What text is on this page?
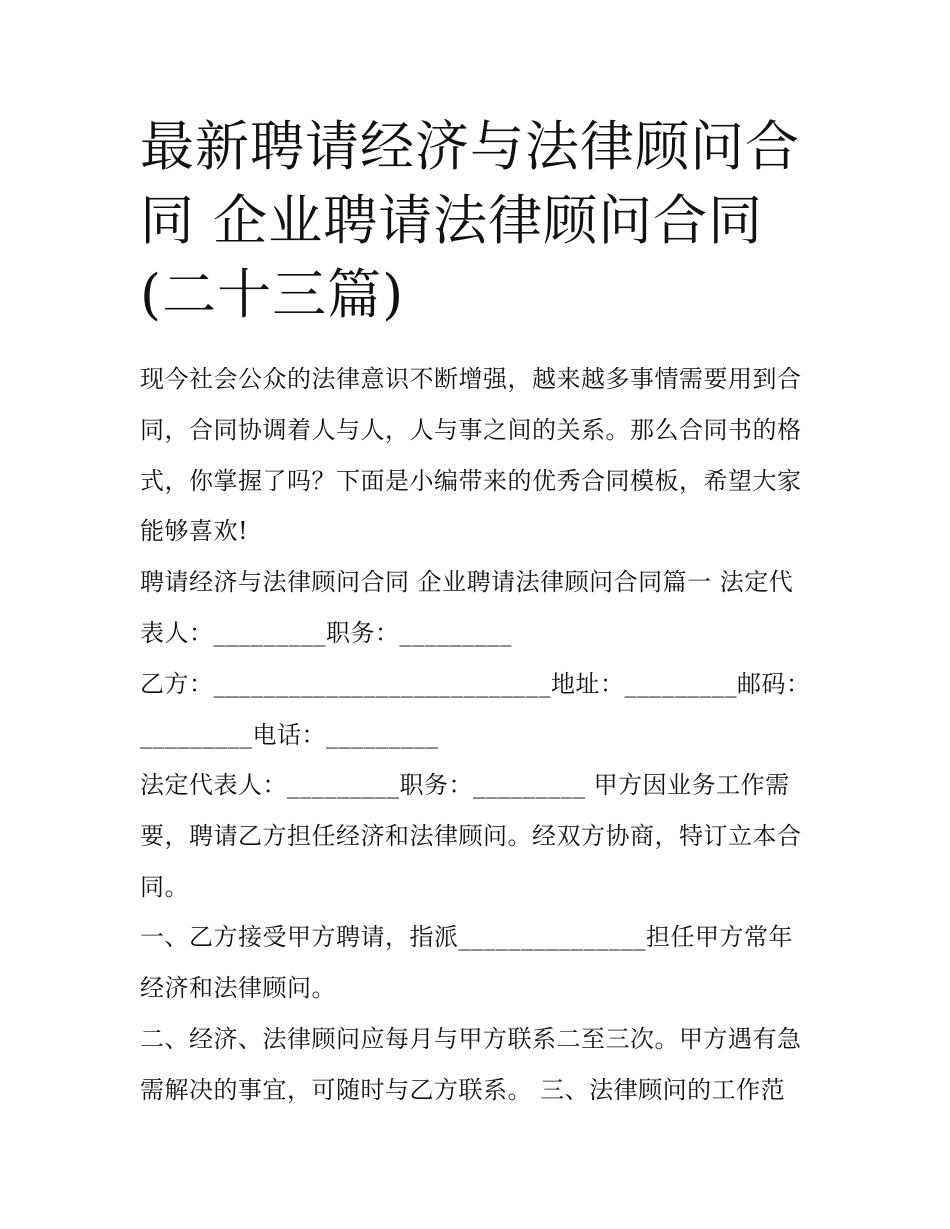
最新聘请经济与法律顾问合同 企业聘请法律顾问合同(二十三篇)

现今社会公众的法律意识不断增强，越来越多事情需要用到合

同，合同协调着人与人，人与事之间的关系。那么合同书的格

式，你掌握了吗？下面是小编带来的优秀合同模板，希望大家

能够喜欢!

聘请经济与法律顾问合同 企业聘请法律顾问合同篇一 法定代

表人：_________职务：_________

乙方：___________________________地址：_________邮码：

_________电话：_________

法定代表人：_________职务：_________ 甲方因业务工作需

要，聘请乙方担任经济和法律顾问。经双方协商，特订立本合

同。

一、乙方接受甲方聘请，指派_______________担任甲方常年

经济和法律顾问。

二、经济、法律顾问应每月与甲方联系二至三次。甲方遇有急

需解决的事宜，可随时与乙方联系。 三、法律顾问的工作范
